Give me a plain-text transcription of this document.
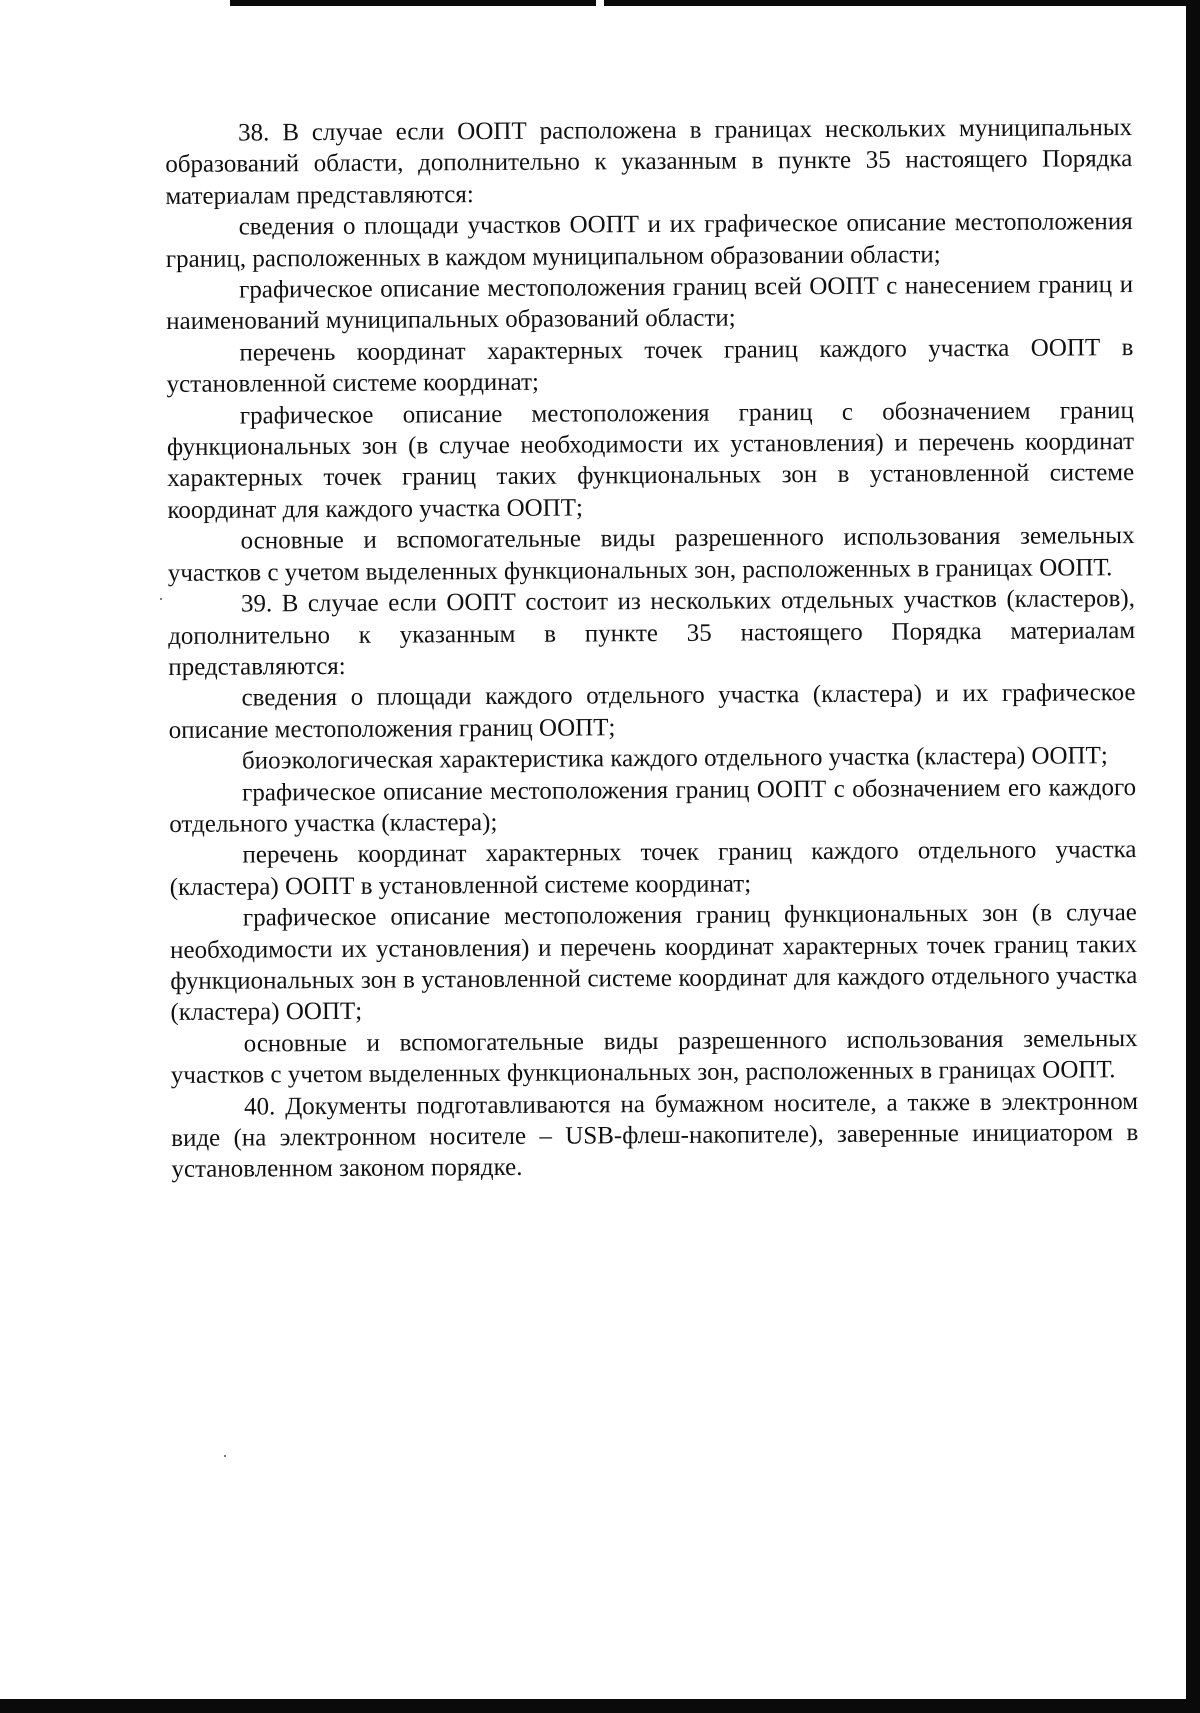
38. В случае если ООПТ расположена в границах нескольких муниципальных образований области, дополнительно к указанным в пункте 35 настоящего Порядка материалам представляются:

сведения о площади участков ООПТ и их графическое описание местоположения границ, расположенных в каждом муниципальном образовании области;

графическое описание местоположения границ всей ООПТ с нанесением границ и наименований муниципальных образований области;

перечень координат характерных точек границ каждого участка ООПТ в установленной системе координат;

графическое описание местоположения границ с обозначением границ функциональных зон (в случае необходимости их установления) и перечень координат характерных точек границ таких функциональных зон в установленной системе координат для каждого участка ООПТ;

основные и вспомогательные виды разрешенного использования земельных участков с учетом выделенных функциональных зон, расположенных в границах ООПТ.

39. В случае если ООПТ состоит из нескольких отдельных участков (кластеров), дополнительно к указанным в пункте 35 настоящего Порядка материалам представляются:

сведения о площади каждого отдельного участка (кластера) и их графическое описание местоположения границ ООПТ;

биоэкологическая характеристика каждого отдельного участка (кластера) ООПТ;

графическое описание местоположения границ ООПТ с обозначением его каждого отдельного участка (кластера);

перечень координат характерных точек границ каждого отдельного участка (кластера) ООПТ в установленной системе координат;

графическое описание местоположения границ функциональных зон (в случае необходимости их установления) и перечень координат характерных точек границ таких функциональных зон в установленной системе координат для каждого отдельного участка (кластера) ООПТ;

основные и вспомогательные виды разрешенного использования земельных участков с учетом выделенных функциональных зон, расположенных в границах ООПТ.

40. Документы подготавливаются на бумажном носителе, а также в электронном виде (на электронном носителе – USB-флеш-накопителе), заверенные инициатором в установленном законом порядке.
